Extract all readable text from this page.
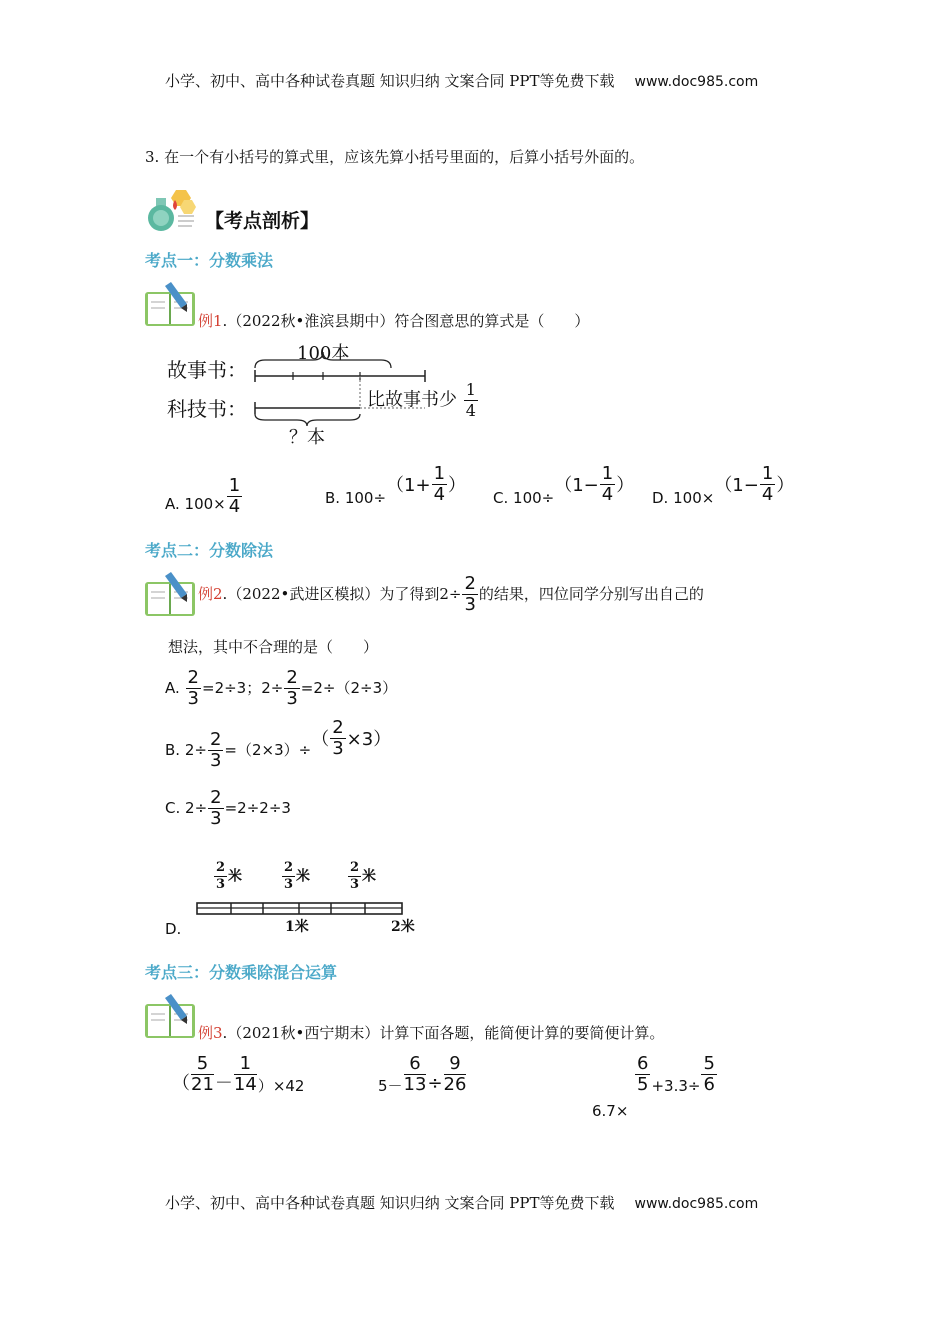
小学、初中、高中各种试卷真题 知识归纳 文案合同 PPT等免费下载 www.doc985.com
3. 在一个有小括号的算式里，应该先算小括号里面的，后算小括号外面的。
【考点剖析】
考点一：分数乘法
例1.（2022秋•淮滨县期中）符合图意思的算式是（　　）
故事书：
科技书：
100本
比故事书少 $\frac{1}{4}$
？本
A. $100\times \frac{1}{4}$	B. $100\div(1+ \frac{1}{4}$ ）
C. $100\div(1- \frac{1}{4}$ ）
D. $100\times(1- \frac{1}{4}$ ）
考点二：分数除法
例2.（2022•武进区模拟）为了得到$2\div \frac{2}{3}$ 的结果，四位同学分别写出自己的
想法，其中不合理的是（　　）
A. $\frac{2}{3} =2\div 3$；$2\div \frac{2}{3} =2\div(2\div 3)$
B. $2\div \frac{2}{3} =(2\times 3)\div( \frac{2}{3} \times 3)$
C. $2\div \frac{2}{3} =2\div 2\div 3$
D.
$\frac{2}{3}$ 米	$\frac{2}{3}$ 米	$\frac{2}{3}$ 米
1米	2米
考点三：分数乘除混合运算
例3.（2021秋•西宁期末）计算下面各题，能简便计算的要简便计算。
（ $\frac{5}{21} - \frac{1}{14} )\times 42$	$5- \frac{6}{13} \div \frac{9}{26}$	$\frac{6}{5} +3.3\div \frac{5}{6}$
6.7×
小学、初中、高中各种试卷真题 知识归纳 文案合同 PPT等免费下载 www.doc985.com
